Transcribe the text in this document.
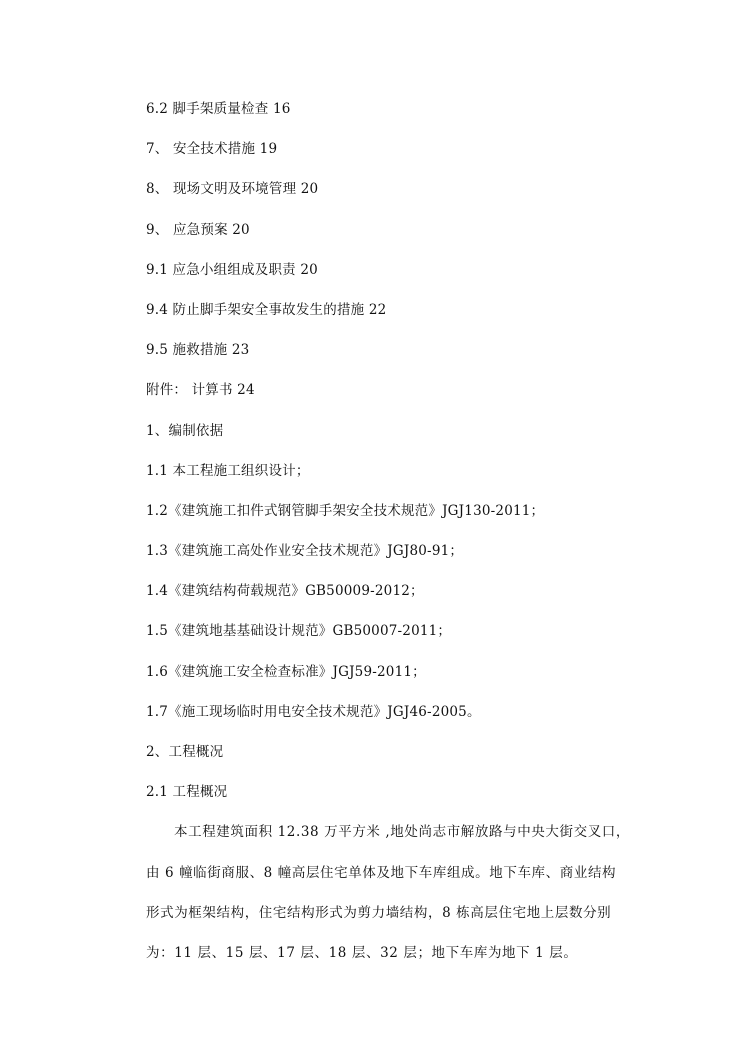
6.2 脚手架质量检查 16
7、 安全技术措施 19
8、 现场文明及环境管理 20
9、 应急预案 20
9.1 应急小组组成及职责 20
9.4 防止脚手架安全事故发生的措施 22
9.5 施救措施 23
附件： 计算书 24
1、编制依据
1.1 本工程施工组织设计；
1.2《建筑施工扣件式钢管脚手架安全技术规范》JGJ130-2011；
1.3《建筑施工高处作业安全技术规范》JGJ80-91；
1.4《建筑结构荷载规范》GB50009-2012；
1.5《建筑地基基础设计规范》GB50007-2011；
1.6《建筑施工安全检查标准》JGJ59-2011；
1.7《施工现场临时用电安全技术规范》JGJ46-2005。
2、工程概况
2.1 工程概况
本工程建筑面积 12.38 万平方米 ,地处尚志市解放路与中央大街交叉口，
由 6 幢临街商服、8 幢高层住宅单体及地下车库组成。地下车库、商业结构
形式为框架结构，住宅结构形式为剪力墙结构，8 栋高层住宅地上层数分别
为：11 层、15 层、17 层、18 层、32 层；地下车库为地下 1 层。
